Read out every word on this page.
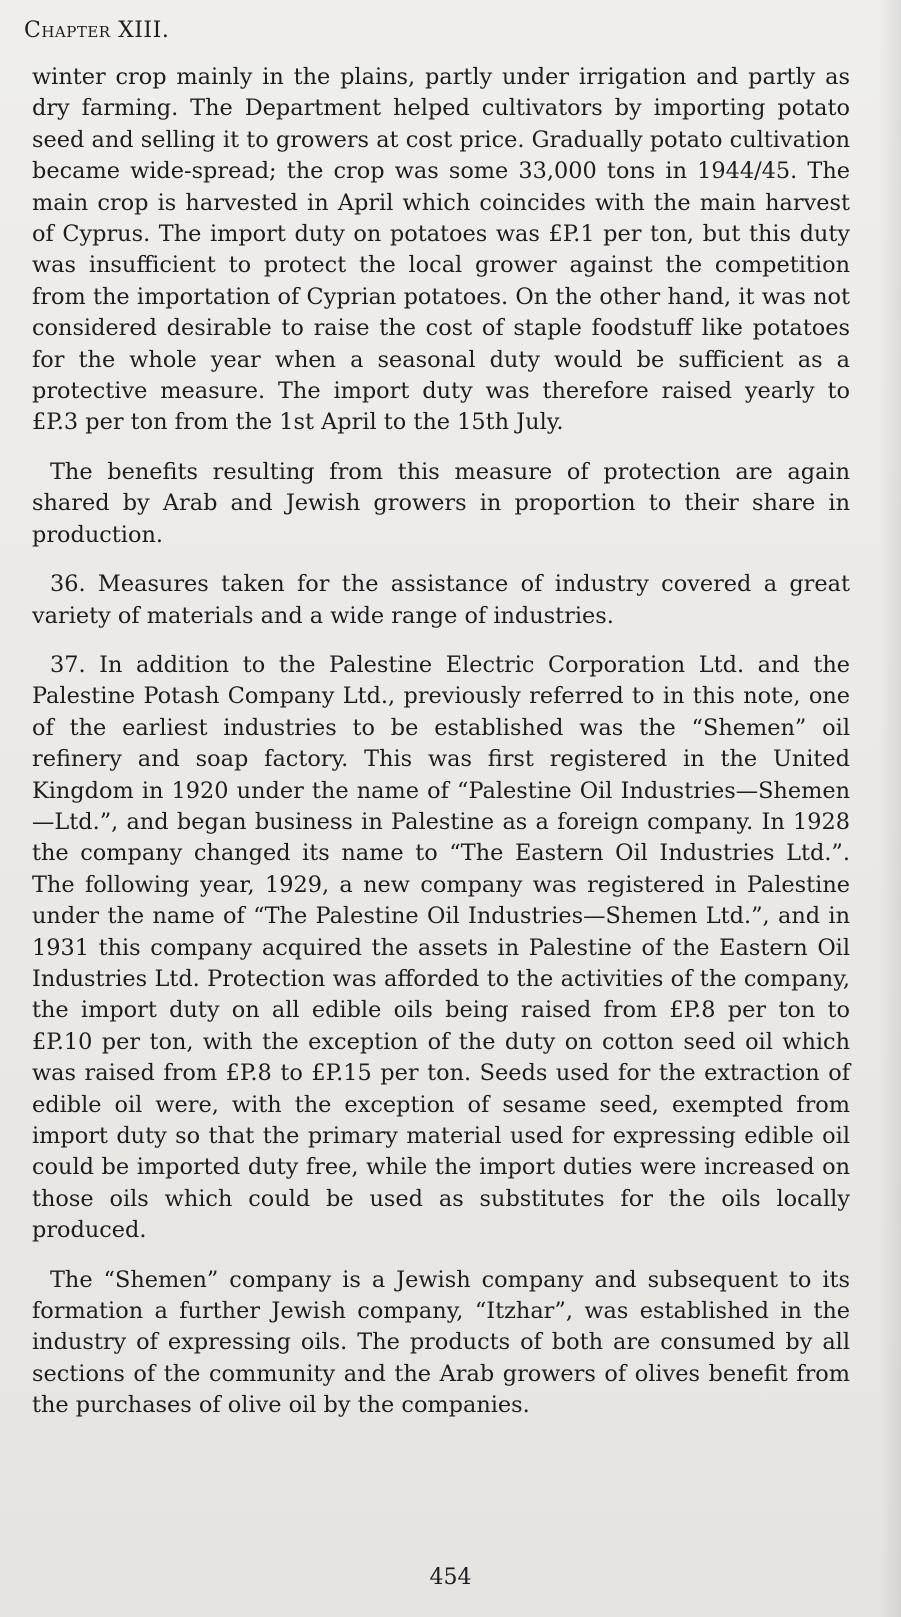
Chapter XIII.

winter crop mainly in the plains, partly under irrigation and partly as dry farming. The Department helped cultivators by importing potato seed and selling it to growers at cost price. Gradually potato cultivation became wide-spread; the crop was some 33,000 tons in 1944/45. The main crop is harvested in April which coincides with the main harvest of Cyprus. The import duty on potatoes was £P.1 per ton, but this duty was insufficient to protect the local grower against the competition from the importation of Cyprian potatoes. On the other hand, it was not considered desirable to raise the cost of staple foodstuff like potatoes for the whole year when a seasonal duty would be sufficient as a protective measure. The import duty was therefore raised yearly to £P.3 per ton from the 1st April to the 15th July.

The benefits resulting from this measure of protection are again shared by Arab and Jewish growers in proportion to their share in production.

36. Measures taken for the assistance of industry covered a great variety of materials and a wide range of industries.

37. In addition to the Palestine Electric Corporation Ltd. and the Palestine Potash Company Ltd., previously referred to in this note, one of the earliest industries to be established was the “Shemen” oil refinery and soap factory. This was first registered in the United Kingdom in 1920 under the name of “Palestine Oil Industries—Shemen—Ltd.”, and began business in Palestine as a foreign company. In 1928 the company changed its name to “The Eastern Oil Industries Ltd.”. The following year, 1929, a new company was registered in Palestine under the name of “The Palestine Oil Industries—Shemen Ltd.”, and in 1931 this company acquired the assets in Palestine of the Eastern Oil Industries Ltd. Protection was afforded to the activities of the company, the import duty on all edible oils being raised from £P.8 per ton to £P.10 per ton, with the exception of the duty on cotton seed oil which was raised from £P.8 to £P.15 per ton. Seeds used for the extraction of edible oil were, with the exception of sesame seed, exempted from import duty so that the primary material used for expressing edible oil could be imported duty free, while the import duties were increased on those oils which could be used as substitutes for the oils locally produced.

The “Shemen” company is a Jewish company and subsequent to its formation a further Jewish company, “Itzhar”, was established in the industry of expressing oils. The products of both are consumed by all sections of the community and the Arab growers of olives benefit from the purchases of olive oil by the companies.

454
